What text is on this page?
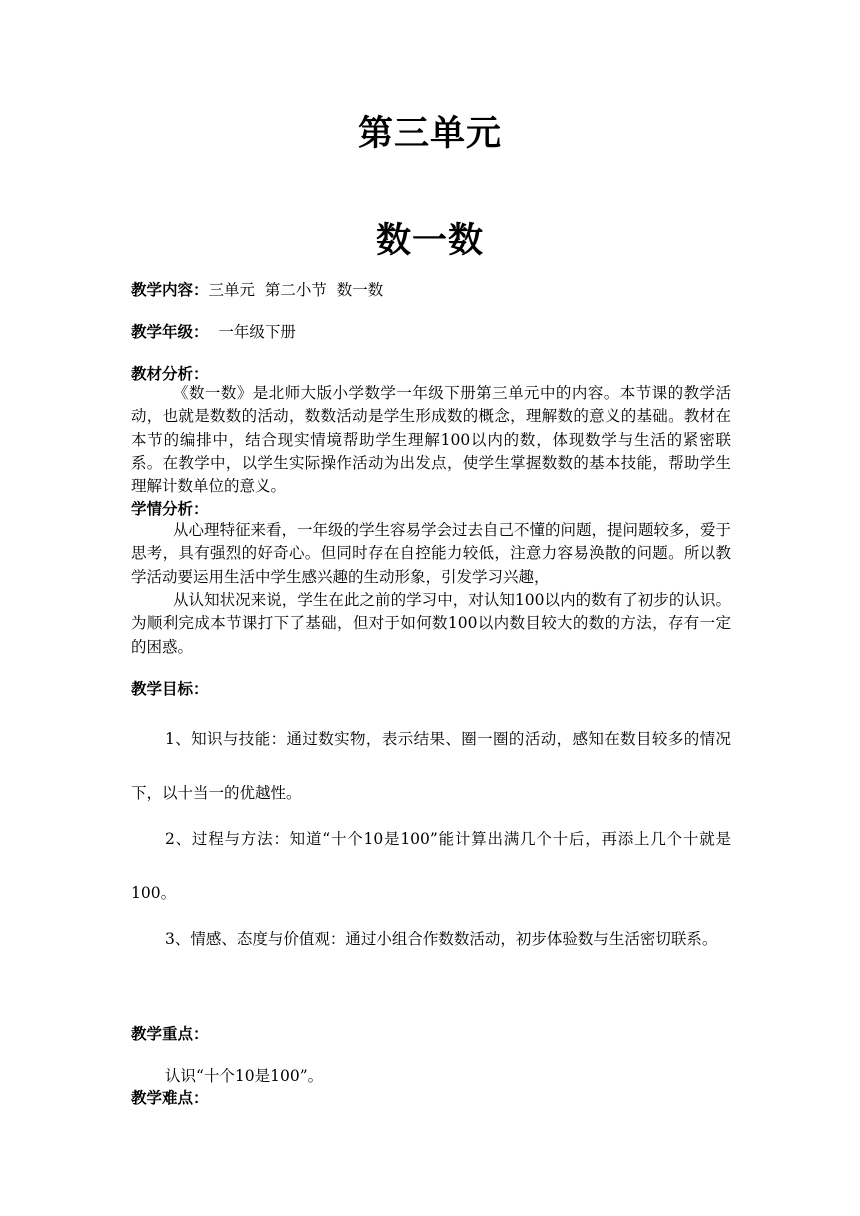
第三单元
数一数
教学内容：三单元  第二小节  数一数
教学年级：  一年级下册
教材分析：
《数一数》是北师大版小学数学一年级下册第三单元中的内容。本节课的教学活动，也就是数数的活动，数数活动是学生形成数的概念，理解数的意义的基础。教材在本节的编排中，结合现实情境帮助学生理解100以内的数，体现数学与生活的紧密联系。在教学中，以学生实际操作活动为出发点，使学生掌握数数的基本技能，帮助学生理解计数单位的意义。
学情分析：
从心理特征来看，一年级的学生容易学会过去自己不懂的问题，提问题较多，爱于思考，具有强烈的好奇心。但同时存在自控能力较低，注意力容易涣散的问题。所以教学活动要运用生活中学生感兴趣的生动形象，引发学习兴趣，
从认知状况来说，学生在此之前的学习中，对认知100以内的数有了初步的认识。为顺利完成本节课打下了基础，但对于如何数100以内数目较大的数的方法，存有一定的困惑。
教学目标：
1、知识与技能：通过数实物，表示结果、圈一圈的活动，感知在数目较多的情况下，以十当一的优越性。
2、过程与方法：知道“十个10是100”能计算出满几个十后，再添上几个十就是100。
3、情感、态度与价值观：通过小组合作数数活动，初步体验数与生活密切联系。
教学重点：
认识“十个10是100”。
教学难点：
